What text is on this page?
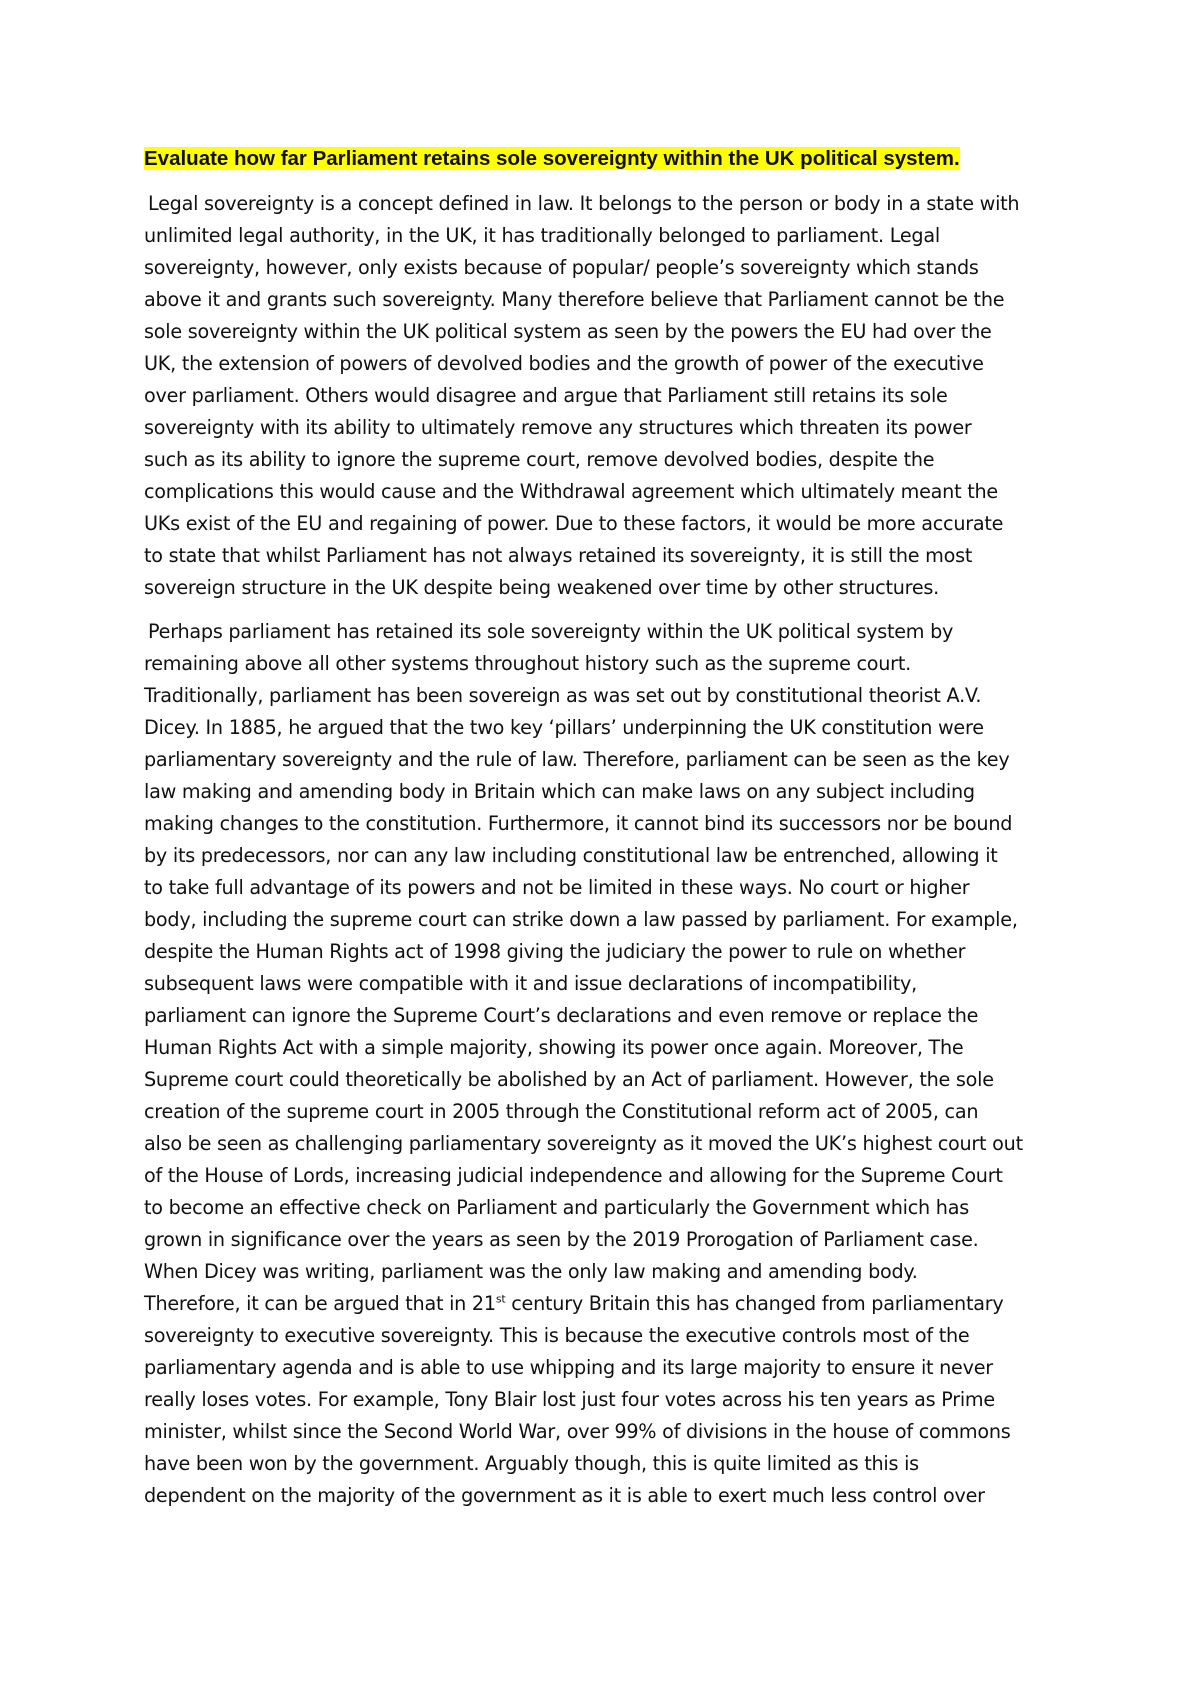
Evaluate how far Parliament retains sole sovereignty within the UK political system.
Legal sovereignty is a concept defined in law. It belongs to the person or body in a state with
unlimited legal authority, in the UK, it has traditionally belonged to parliament. Legal
sovereignty, however, only exists because of popular/ people’s sovereignty which stands
above it and grants such sovereignty. Many therefore believe that Parliament cannot be the
sole sovereignty within the UK political system as seen by the powers the EU had over the
UK, the extension of powers of devolved bodies and the growth of power of the executive
over parliament. Others would disagree and argue that Parliament still retains its sole
sovereignty with its ability to ultimately remove any structures which threaten its power
such as its ability to ignore the supreme court, remove devolved bodies, despite the
complications this would cause and the Withdrawal agreement which ultimately meant the
UKs exist of the EU and regaining of power. Due to these factors, it would be more accurate
to state that whilst Parliament has not always retained its sovereignty, it is still the most
sovereign structure in the UK despite being weakened over time by other structures.
Perhaps parliament has retained its sole sovereignty within the UK political system by
remaining above all other systems throughout history such as the supreme court.
Traditionally, parliament has been sovereign as was set out by constitutional theorist A.V.
Dicey. In 1885, he argued that the two key ‘pillars’ underpinning the UK constitution were
parliamentary sovereignty and the rule of law. Therefore, parliament can be seen as the key
law making and amending body in Britain which can make laws on any subject including
making changes to the constitution. Furthermore, it cannot bind its successors nor be bound
by its predecessors, nor can any law including constitutional law be entrenched, allowing it
to take full advantage of its powers and not be limited in these ways. No court or higher
body, including the supreme court can strike down a law passed by parliament. For example,
despite the Human Rights act of 1998 giving the judiciary the power to rule on whether
subsequent laws were compatible with it and issue declarations of incompatibility,
parliament can ignore the Supreme Court’s declarations and even remove or replace the
Human Rights Act with a simple majority, showing its power once again. Moreover, The
Supreme court could theoretically be abolished by an Act of parliament. However, the sole
creation of the supreme court in 2005 through the Constitutional reform act of 2005, can
also be seen as challenging parliamentary sovereignty as it moved the UK’s highest court out
of the House of Lords, increasing judicial independence and allowing for the Supreme Court
to become an effective check on Parliament and particularly the Government which has
grown in significance over the years as seen by the 2019 Prorogation of Parliament case.
When Dicey was writing, parliament was the only law making and amending body.
Therefore, it can be argued that in 21st century Britain this has changed from parliamentary
sovereignty to executive sovereignty. This is because the executive controls most of the
parliamentary agenda and is able to use whipping and its large majority to ensure it never
really loses votes. For example, Tony Blair lost just four votes across his ten years as Prime
minister, whilst since the Second World War, over 99% of divisions in the house of commons
have been won by the government. Arguably though, this is quite limited as this is
dependent on the majority of the government as it is able to exert much less control over
